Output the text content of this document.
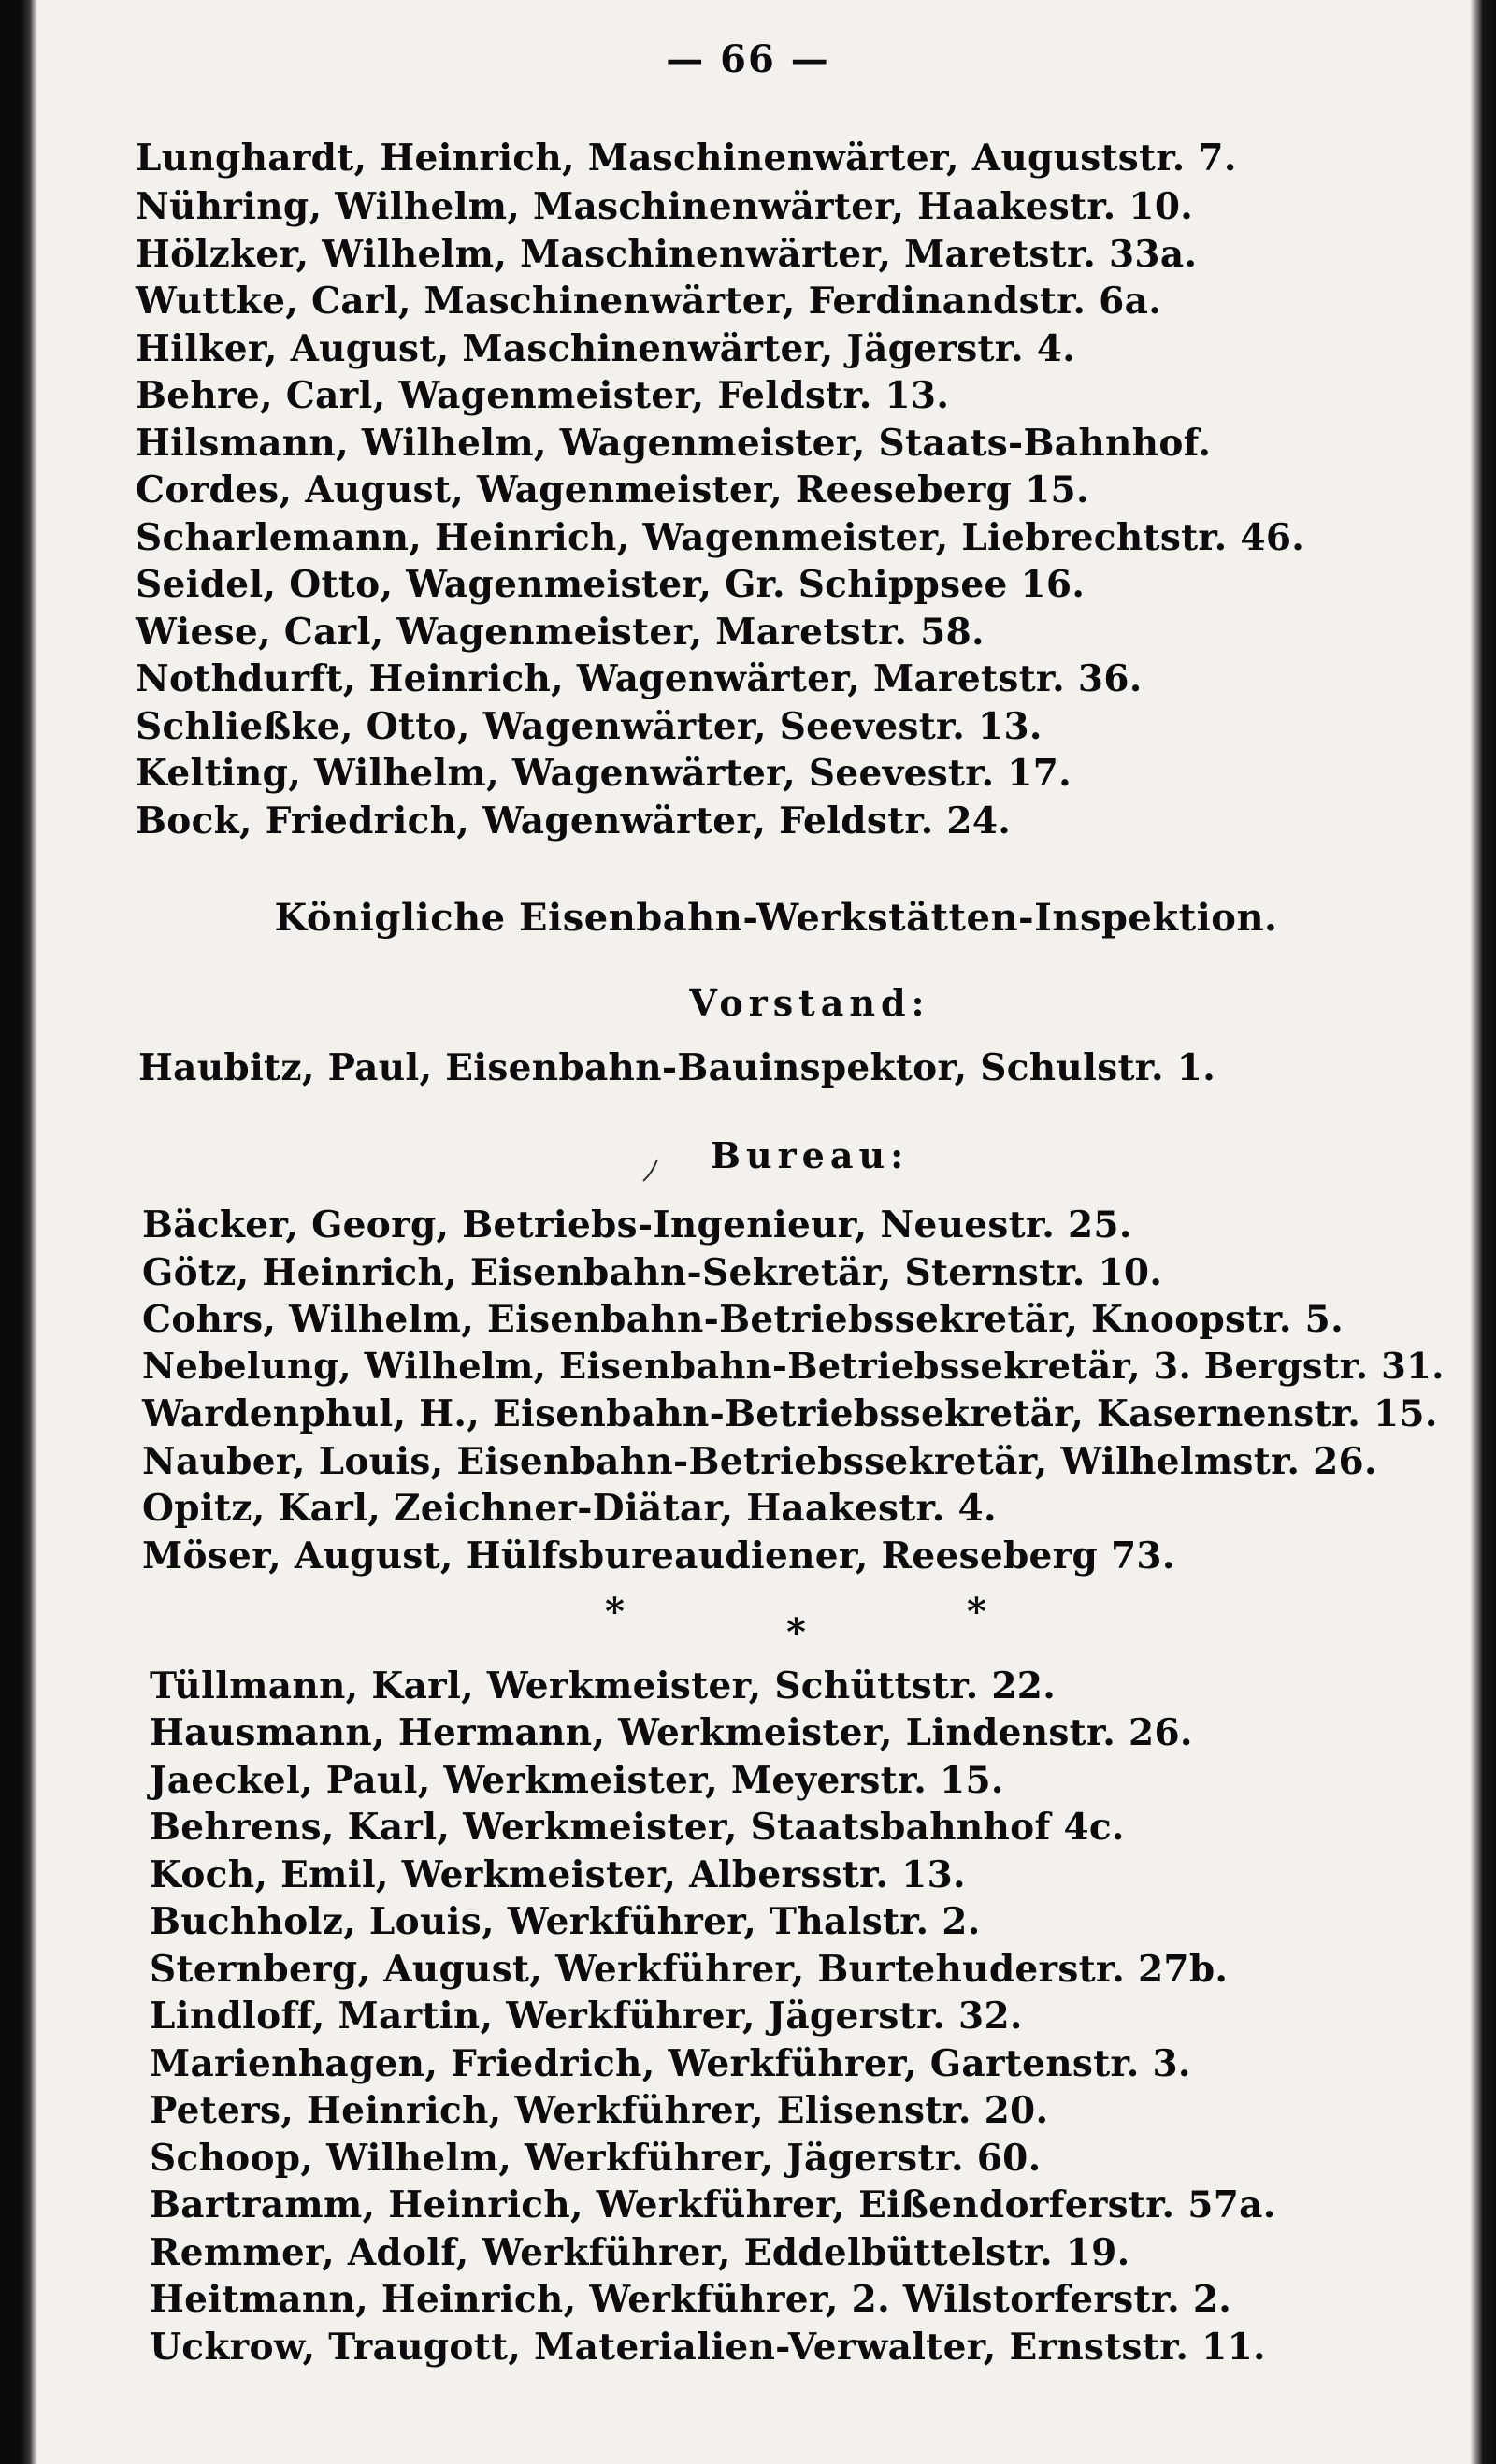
— 66 —
Lunghardt, Heinrich, Maschinenwärter, Auguststr. 7.
Nühring, Wilhelm, Maschinenwärter, Haakestr. 10.
Hölzker, Wilhelm, Maschinenwärter, Maretstr. 33a.
Wuttke, Carl, Maschinenwärter, Ferdinandstr. 6a.
Hilker, August, Maschinenwärter, Jägerstr. 4.
Behre, Carl, Wagenmeister, Feldstr. 13.
Hilsmann, Wilhelm, Wagenmeister, Staats-Bahnhof.
Cordes, August, Wagenmeister, Reeseberg 15.
Scharlemann, Heinrich, Wagenmeister, Liebrechtstr. 46.
Seidel, Otto, Wagenmeister, Gr. Schippsee 16.
Wiese, Carl, Wagenmeister, Maretstr. 58.
Nothdurft, Heinrich, Wagenwärter, Maretstr. 36.
Schließke, Otto, Wagenwärter, Seevestr. 13.
Kelting, Wilhelm, Wagenwärter, Seevestr. 17.
Bock, Friedrich, Wagenwärter, Feldstr. 24.
Königliche Eisenbahn-Werkstätten-Inspektion.
Vorstand:
Haubitz, Paul, Eisenbahn-Bauinspektor, Schulstr. 1.
Bureau:
Bäcker, Georg, Betriebs-Ingenieur, Neuestr. 25.
Götz, Heinrich, Eisenbahn-Sekretär, Sternstr. 10.
Cohrs, Wilhelm, Eisenbahn-Betriebssekretär, Knoopstr. 5.
Nebelung, Wilhelm, Eisenbahn-Betriebssekretär, 3. Bergstr. 31.
Wardenphul, H., Eisenbahn-Betriebssekretär, Kasernenstr. 15.
Nauber, Louis, Eisenbahn-Betriebssekretär, Wilhelmstr. 26.
Opitz, Karl, Zeichner-Diätar, Haakestr. 4.
Möser, August, Hülfsbureaudiener, Reeseberg 73.
*	*	*
Tüllmann, Karl, Werkmeister, Schüttstr. 22.
Hausmann, Hermann, Werkmeister, Lindenstr. 26.
Jaeckel, Paul, Werkmeister, Meyerstr. 15.
Behrens, Karl, Werkmeister, Staatsbahnhof 4c.
Koch, Emil, Werkmeister, Albersstr. 13.
Buchholz, Louis, Werkführer, Thalstr. 2.
Sternberg, August, Werkführer, Burtehuderstr. 27b.
Lindloff, Martin, Werkführer, Jägerstr. 32.
Marienhagen, Friedrich, Werkführer, Gartenstr. 3.
Peters, Heinrich, Werkführer, Elisenstr. 20.
Schoop, Wilhelm, Werkführer, Jägerstr. 60.
Bartramm, Heinrich, Werkführer, Eißendorferstr. 57a.
Remmer, Adolf, Werkführer, Eddelbüttelstr. 19.
Heitmann, Heinrich, Werkführer, 2. Wilstorferstr. 2.
Uckrow, Traugott, Materialien-Verwalter, Ernststr. 11.
